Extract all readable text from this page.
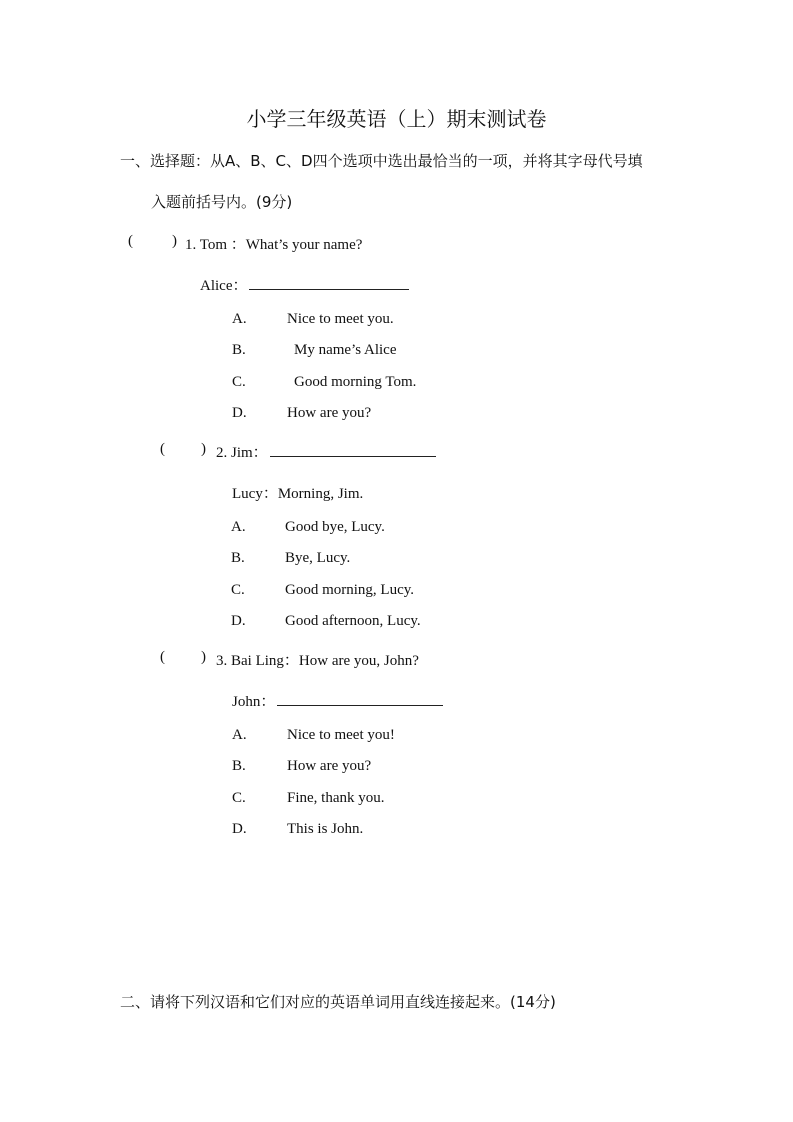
小学三年级英语（上）期末测试卷
一、选择题：从A、B、C、D四个选项中选出最恰当的一项，并将其字母代号填
入题前括号内。(9分)
(	) 1. Tom ：What’s your name?
Alice：
A.	Nice to meet you.
B.	My name’s Alice
C.	Good morning Tom.
D.	How are you?
( ) 2. Jim：
Lucy：Morning, Jim.
A.	Good bye, Lucy.
B.	Bye, Lucy.
C.	Good morning, Lucy.
D.	Good afternoon, Lucy.
( ) 3. Bai Ling：How are you, John?
John：
A.	Nice to meet you!
B.	How are you?
C.	Fine, thank you.
D.	This is John.
二、请将下列汉语和它们对应的英语单词用直线连接起来。(14分)
